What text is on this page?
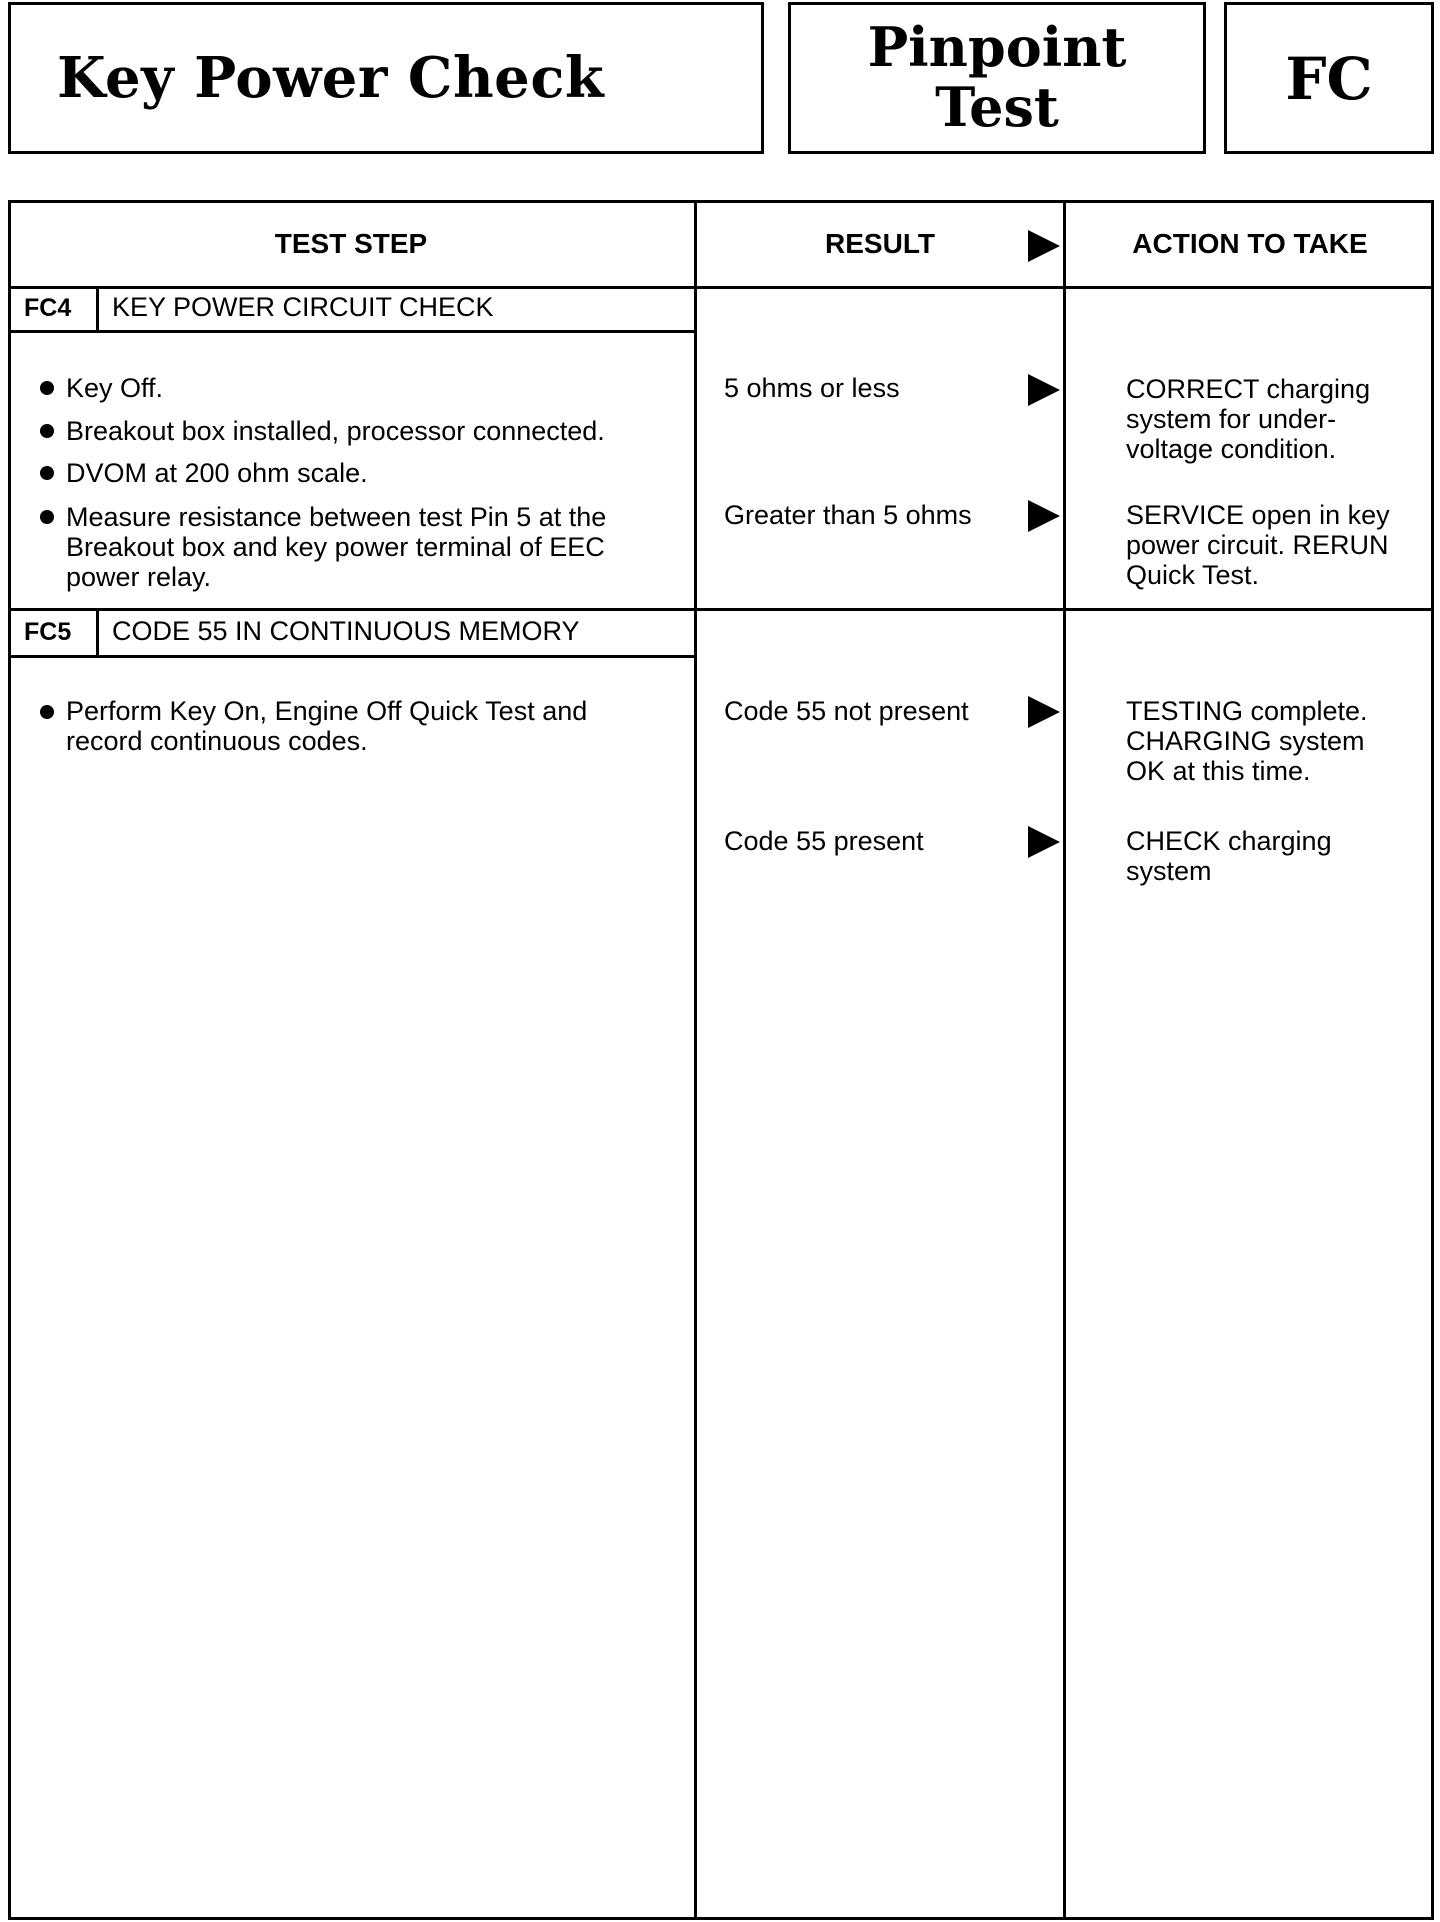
Key Power Check	Pinpoint
Test	FC
TEST STEP	RESULT	ACTION TO TAKE
FC4 KEY POWER CIRCUIT CHECK
Key Off.
Breakout box installed, processor connected.
DVOM at 200 ohm scale.
Measure resistance between test Pin 5 at the
Breakout box and key power terminal of EEC
power relay.
5 ohms or less	CORRECT charging
system for under-
voltage condition.
Greater than 5 ohms	SERVICE open in key
power circuit. RERUN
Quick Test.
FC5 CODE 55 IN CONTINUOUS MEMORY
Perform Key On, Engine Off Quick Test and
record continuous codes.
Code 55 not present	TESTING complete.
CHARGING system
OK at this time.
Code 55 present	CHECK charging
system
